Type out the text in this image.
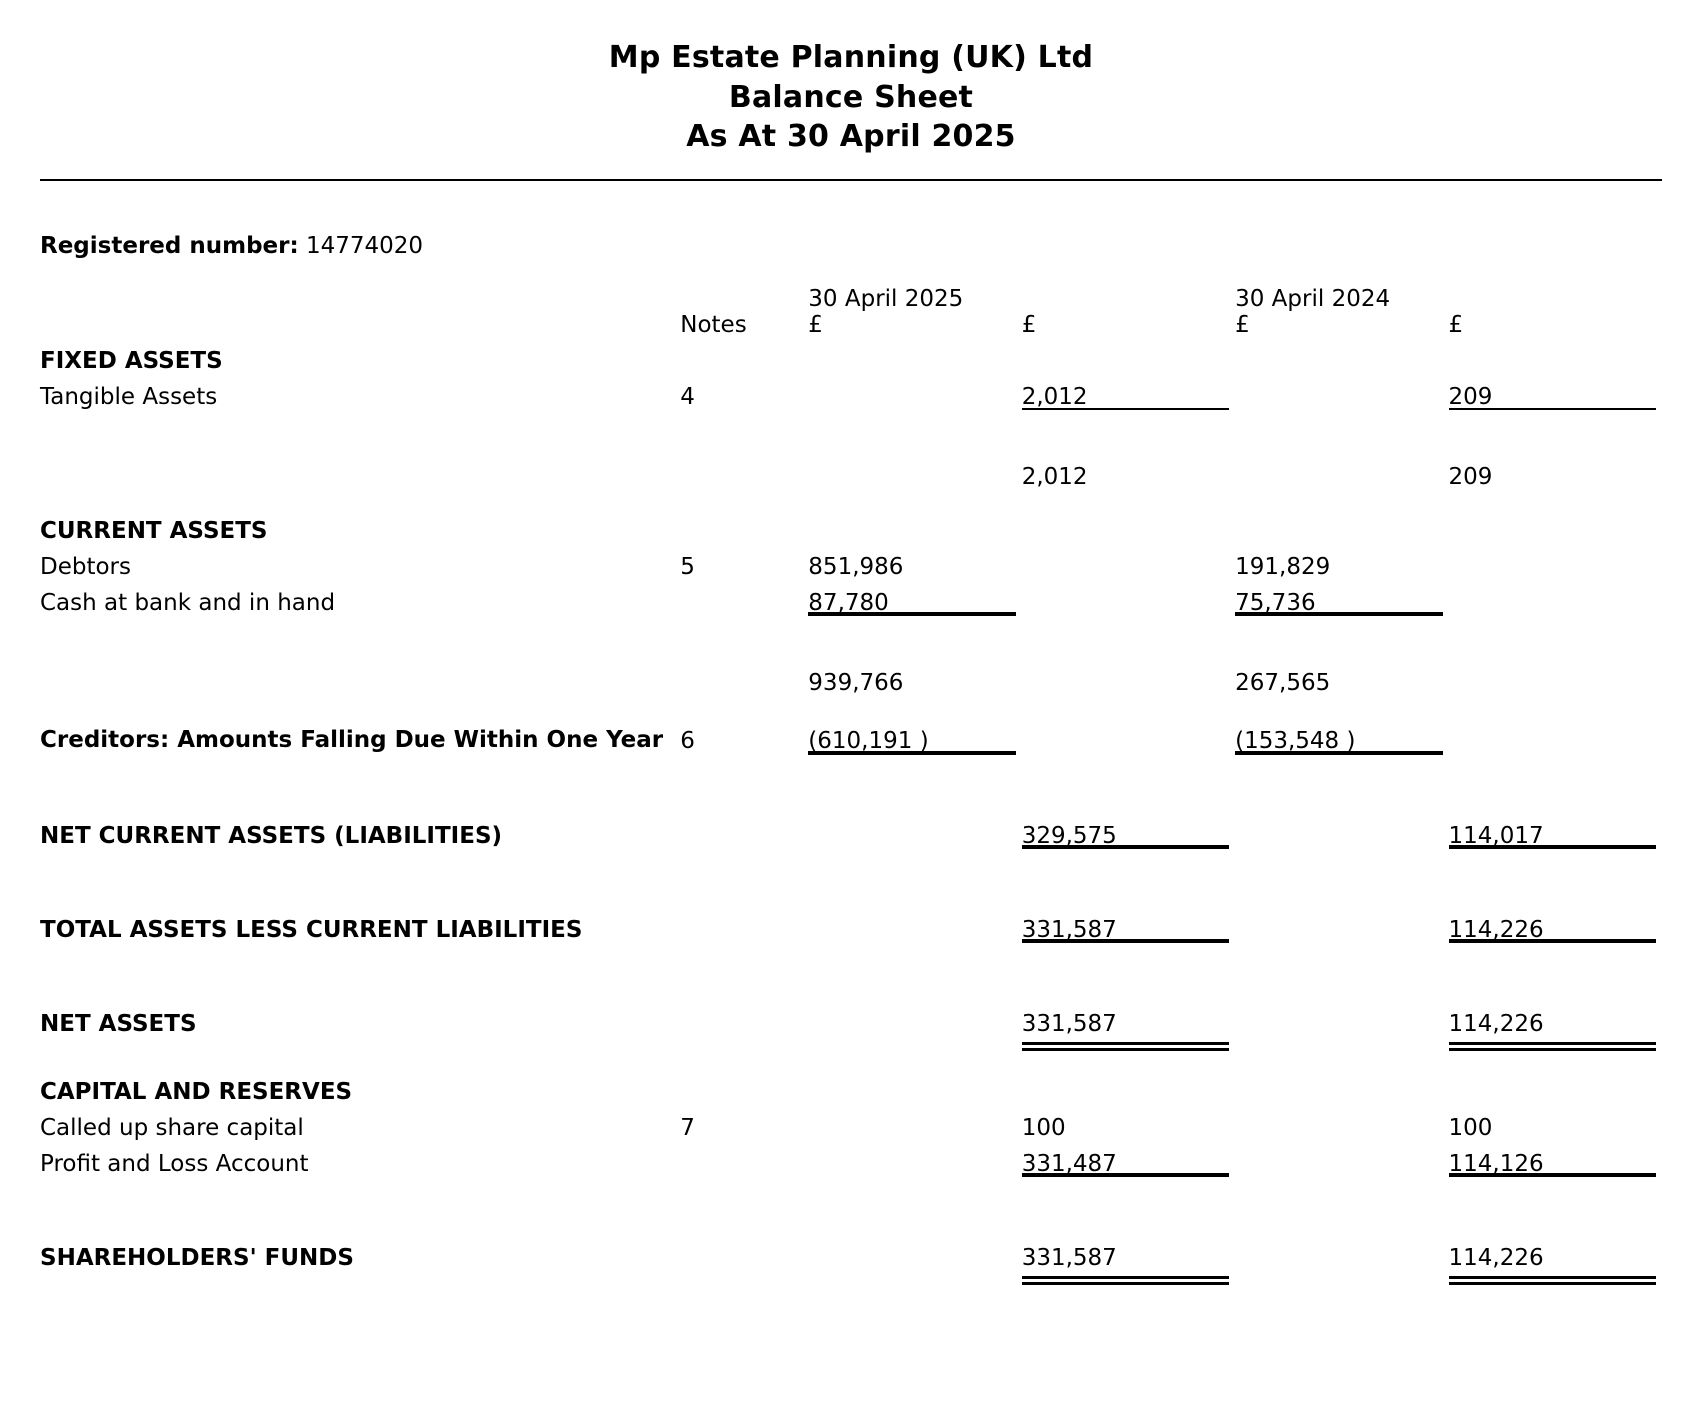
Mp Estate Planning (UK) Ltd
Balance Sheet
As At 30 April 2025
Registered number: 14774020
		30 April 2025		30 April 2024	
	Notes	£	£	£	£
FIXED ASSETS					
Tangible Assets	4		2,012		209

			2,012		209

CURRENT ASSETS					
Debtors	5	851,986		191,829	
Cash at bank and in hand		87,780		75,736	

		939,766		267,565	

Creditors: Amounts Falling Due Within One Year	6	(610,191 )		(153,548 )	

NET CURRENT ASSETS (LIABILITIES)			329,575		114,017

TOTAL ASSETS LESS CURRENT LIABILITIES			331,587		114,226

NET ASSETS			331,587		114,226

CAPITAL AND RESERVES					
Called up share capital	7		100		100
Profit and Loss Account			331,487		114,126

SHAREHOLDERS' FUNDS			331,587		114,226
